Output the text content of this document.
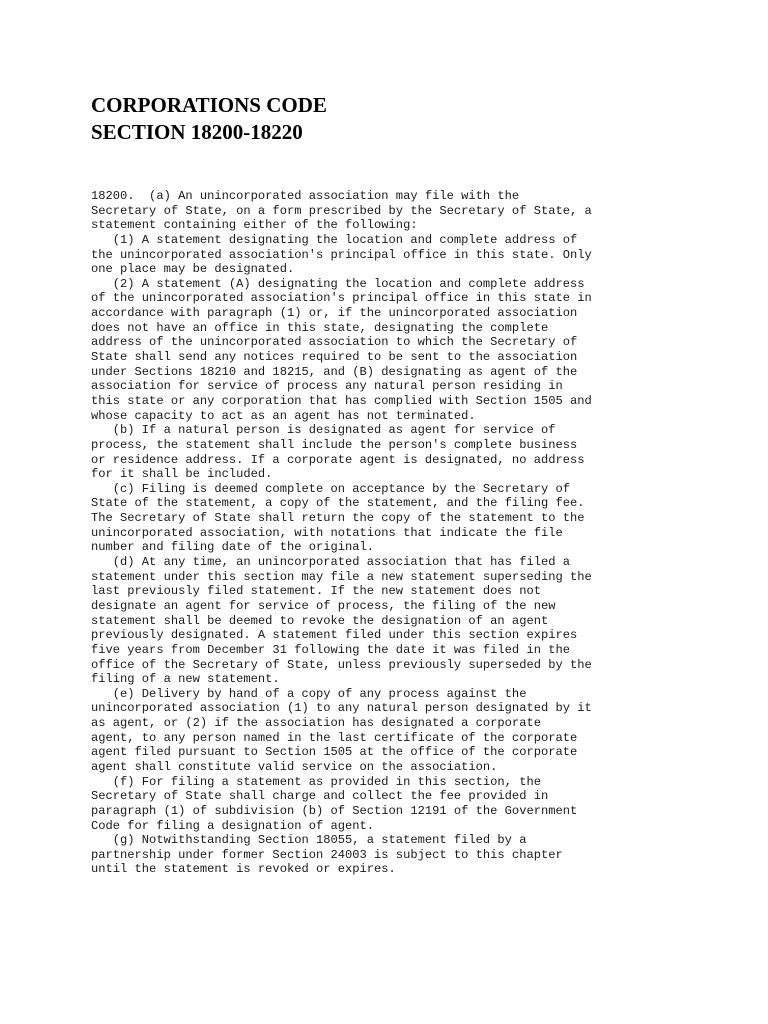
CORPORATIONS CODE
SECTION 18200-18220
18200.  (a) An unincorporated association may file with the
Secretary of State, on a form prescribed by the Secretary of State, a
statement containing either of the following:
(1) A statement designating the location and complete address of
the unincorporated association's principal office in this state. Only
one place may be designated.
(2) A statement (A) designating the location and complete address
of the unincorporated association's principal office in this state in
accordance with paragraph (1) or, if the unincorporated association
does not have an office in this state, designating the complete
address of the unincorporated association to which the Secretary of
State shall send any notices required to be sent to the association
under Sections 18210 and 18215, and (B) designating as agent of the
association for service of process any natural person residing in
this state or any corporation that has complied with Section 1505 and
whose capacity to act as an agent has not terminated.
(b) If a natural person is designated as agent for service of
process, the statement shall include the person's complete business
or residence address. If a corporate agent is designated, no address
for it shall be included.
(c) Filing is deemed complete on acceptance by the Secretary of
State of the statement, a copy of the statement, and the filing fee.
The Secretary of State shall return the copy of the statement to the
unincorporated association, with notations that indicate the file
number and filing date of the original.
(d) At any time, an unincorporated association that has filed a
statement under this section may file a new statement superseding the
last previously filed statement. If the new statement does not
designate an agent for service of process, the filing of the new
statement shall be deemed to revoke the designation of an agent
previously designated. A statement filed under this section expires
five years from December 31 following the date it was filed in the
office of the Secretary of State, unless previously superseded by the
filing of a new statement.
(e) Delivery by hand of a copy of any process against the
unincorporated association (1) to any natural person designated by it
as agent, or (2) if the association has designated a corporate
agent, to any person named in the last certificate of the corporate
agent filed pursuant to Section 1505 at the office of the corporate
agent shall constitute valid service on the association.
(f) For filing a statement as provided in this section, the
Secretary of State shall charge and collect the fee provided in
paragraph (1) of subdivision (b) of Section 12191 of the Government
Code for filing a designation of agent.
(g) Notwithstanding Section 18055, a statement filed by a
partnership under former Section 24003 is subject to this chapter
until the statement is revoked or expires.
